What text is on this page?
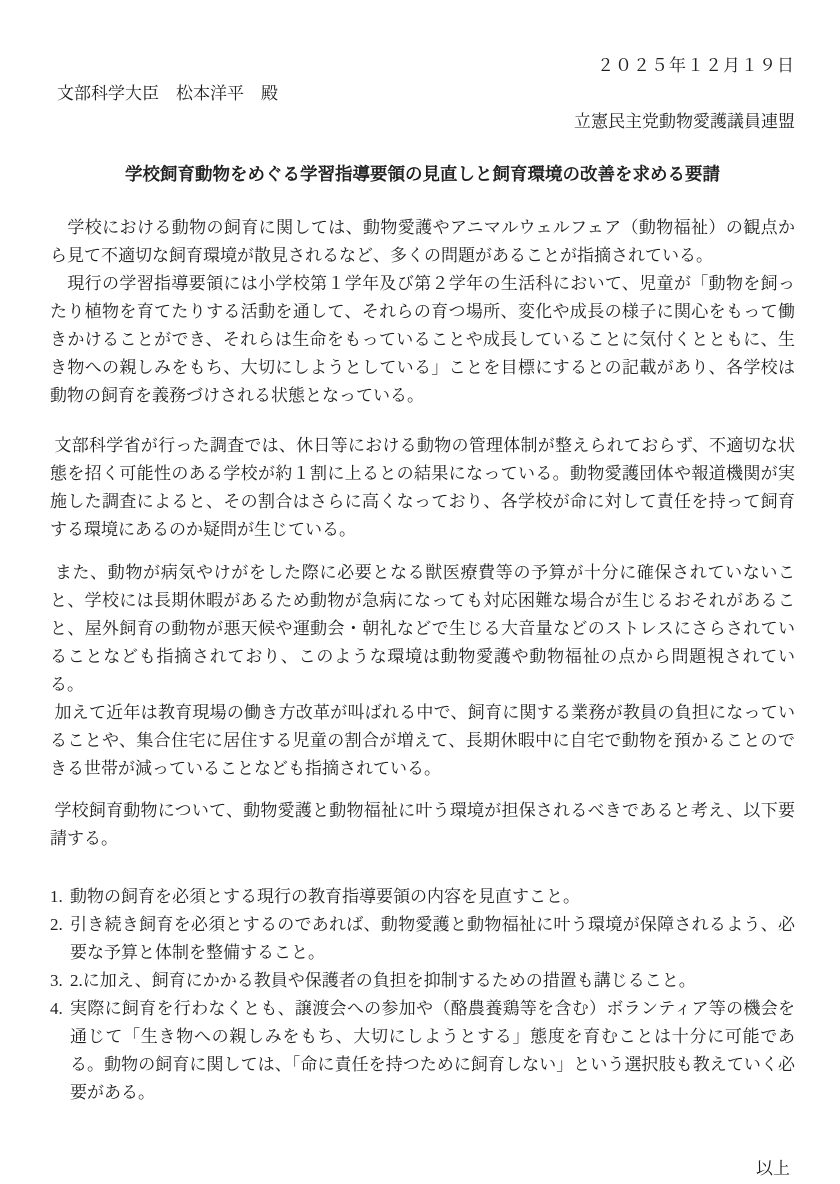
２０２５年１２月１９日
文部科学大臣　松本洋平　殿
立憲民主党動物愛護議員連盟
学校飼育動物をめぐる学習指導要領の見直しと飼育環境の改善を求める要請

　学校における動物の飼育に関しては、動物愛護やアニマルウェルフェア（動物福祉）の観点から見て不適切な飼育環境が散見されるなど、多くの問題があることが指摘されている。

　現行の学習指導要領には小学校第１学年及び第２学年の生活科において、児童が「動物を飼ったり植物を育てたりする活動を通して、それらの育つ場所、変化や成長の様子に関心をもって働きかけることができ、それらは生命をもっていることや成長していることに気付くとともに、生き物への親しみをもち、大切にしようとしている」ことを目標にするとの記載があり、各学校は動物の飼育を義務づけされる状態となっている。

文部科学省が行った調査では、休日等における動物の管理体制が整えられておらず、不適切な状態を招く可能性のある学校が約１割に上るとの結果になっている。動物愛護団体や報道機関が実施した調査によると、その割合はさらに高くなっており、各学校が命に対して責任を持って飼育する環境にあるのか疑問が生じている。

また、動物が病気やけがをした際に必要となる獣医療費等の予算が十分に確保されていないこと、学校には長期休暇があるため動物が急病になっても対応困難な場合が生じるおそれがあること、屋外飼育の動物が悪天候や運動会・朝礼などで生じる大音量などのストレスにさらされていることなども指摘されており、このような環境は動物愛護や動物福祉の点から問題視されている。

加えて近年は教育現場の働き方改革が叫ばれる中で、飼育に関する業務が教員の負担になっていることや、集合住宅に居住する児童の割合が増えて、長期休暇中に自宅で動物を預かることのできる世帯が減っていることなども指摘されている。

学校飼育動物について、動物愛護と動物福祉に叶う環境が担保されるべきであると考え、以下要請する。

1. 動物の飼育を必須とする現行の教育指導要領の内容を見直すこと。
2. 引き続き飼育を必須とするのであれば、動物愛護と動物福祉に叶う環境が保障されるよう、必要な予算と体制を整備すること。
3. 2.に加え、飼育にかかる教員や保護者の負担を抑制するための措置も講じること。
4. 実際に飼育を行わなくとも、譲渡会への参加や（酪農養鶏等を含む）ボランティア等の機会を通じて「生き物への親しみをもち、大切にしようとする」態度を育むことは十分に可能である。動物の飼育に関しては、「命に責任を持つために飼育しない」という選択肢も教えていく必要がある。
以上
